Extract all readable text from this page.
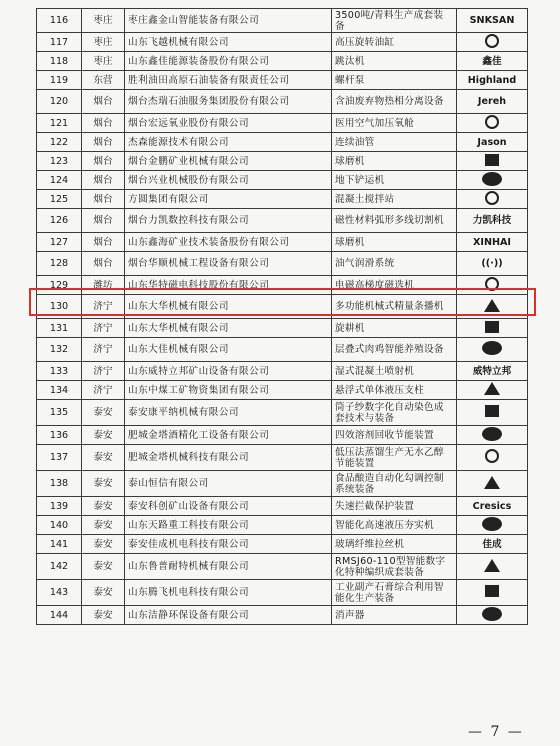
116	枣庄	枣庄鑫金山智能装备有限公司	3500吨/青料生产成套装备	SNKSAN
117	枣庄	山东飞越机械有限公司	高压旋转油缸	
118	枣庄	山东鑫佳能源装备股份有限公司	跳汰机	鑫佳
119	东营	胜利油田高原石油装备有限责任公司	螺杆泵	Highland
120	烟台	烟台杰瑞石油服务集团股份有限公司	含油废弃物热相分离设备	Jereh
121	烟台	烟台宏远氧业股份有限公司	医用空气加压氧舱	
122	烟台	杰森能源技术有限公司	连续油管	Jason
123	烟台	烟台金鹏矿业机械有限公司	球磨机	
124	烟台	烟台兴业机械股份有限公司	地下铲运机	
125	烟台	方圆集团有限公司	混凝土搅拌站	
126	烟台	烟台力凯数控科技有限公司	磁性材料弧形多线切割机	力凯科技
127	烟台	山东鑫海矿业技术装备股份有限公司	球磨机	XINHAI
128	烟台	烟台华顺机械工程设备有限公司	油气润滑系统	((·))
129	潍坊	山东华特磁电科技股份有限公司	电磁高梯度磁选机	
130	济宁	山东大华机械有限公司	多功能机械式精量条播机	
131	济宁	山东大华机械有限公司	旋耕机	
132	济宁	山东大佳机械有限公司	层叠式肉鸡智能养殖设备	
133	济宁	山东威特立邦矿山设备有限公司	湿式混凝土喷射机	威特立邦
134	济宁	山东中煤工矿物资集团有限公司	悬浮式单体液压支柱	
135	泰安	泰安康平纳机械有限公司	筒子纱数字化自动染色成套技术与装备	
136	泰安	肥城金塔酒精化工设备有限公司	四效溶剂回收节能装置	
137	泰安	肥城金塔机械科技有限公司	低压法蒸馏生产无水乙醇节能装置	
138	泰安	泰山恒信有限公司	食品酿造自动化勾调控制系统装备	
139	泰安	泰安科创矿山设备有限公司	失速拦截保护装置	Cresics
140	泰安	山东天路重工科技有限公司	智能化高速液压夯实机	
141	泰安	泰安佳成机电科技有限公司	玻璃纤维拉丝机	佳成
142	泰安	山东鲁普耐特机械有限公司	RMSJ60-110型智能数字化特种编织成套装备	
143	泰安	山东腾飞机电科技有限公司	工业副产石膏综合利用智能化生产装备	
144	泰安	山东洁静环保设备有限公司	消声器	
— 7 —
